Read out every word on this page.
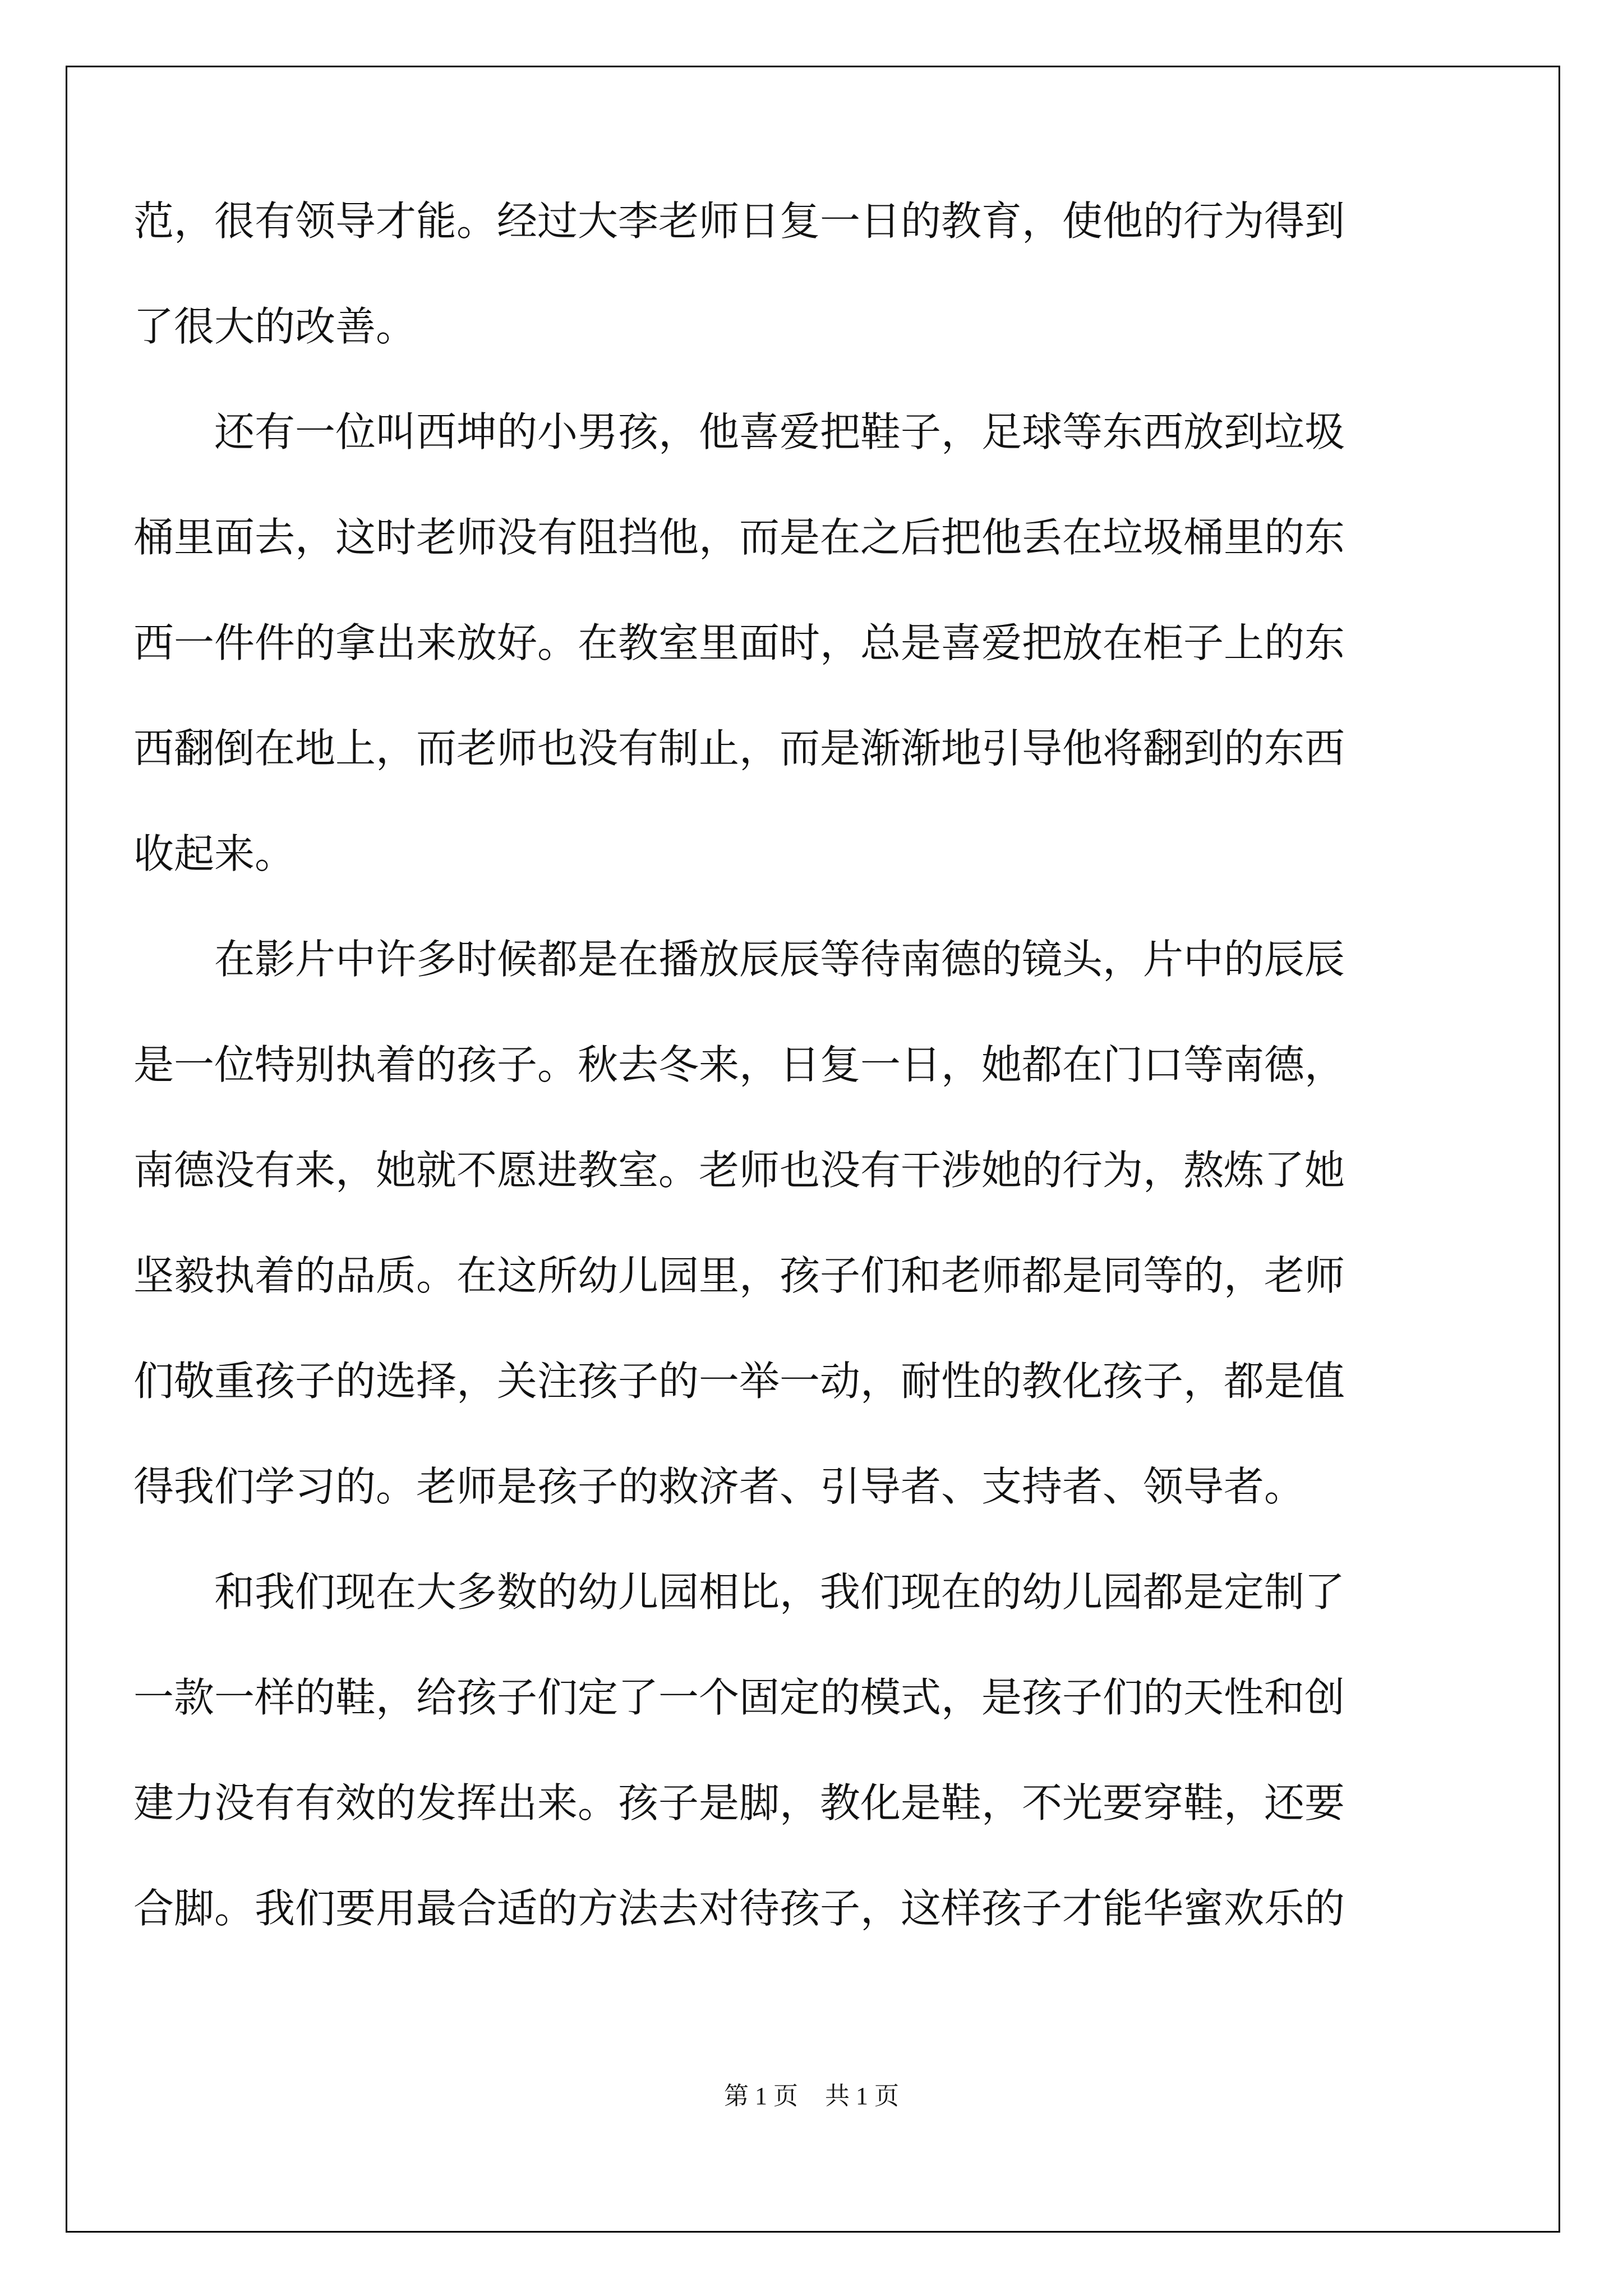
范，很有领导才能。经过大李老师日复一日的教育，使他的行为得到
了很大的改善。
　　还有一位叫西坤的小男孩，他喜爱把鞋子，足球等东西放到垃圾
桶里面去，这时老师没有阻挡他，而是在之后把他丢在垃圾桶里的东
西一件件的拿出来放好。在教室里面时，总是喜爱把放在柜子上的东
西翻倒在地上，而老师也没有制止，而是渐渐地引导他将翻到的东西
收起来。
　　在影片中许多时候都是在播放辰辰等待南德的镜头，片中的辰辰
是一位特别执着的孩子。秋去冬来，日复一日，她都在门口等南德，
南德没有来，她就不愿进教室。老师也没有干涉她的行为，熬炼了她
坚毅执着的品质。在这所幼儿园里，孩子们和老师都是同等的，老师
们敬重孩子的选择，关注孩子的一举一动，耐性的教化孩子，都是值
得我们学习的。老师是孩子的救济者、引导者、支持者、领导者。
　　和我们现在大多数的幼儿园相比，我们现在的幼儿园都是定制了
一款一样的鞋，给孩子们定了一个固定的模式，是孩子们的天性和创
建力没有有效的发挥出来。孩子是脚，教化是鞋，不光要穿鞋，还要
合脚。我们要用最合适的方法去对待孩子，这样孩子才能华蜜欢乐的
第 1 页 共 1 页
